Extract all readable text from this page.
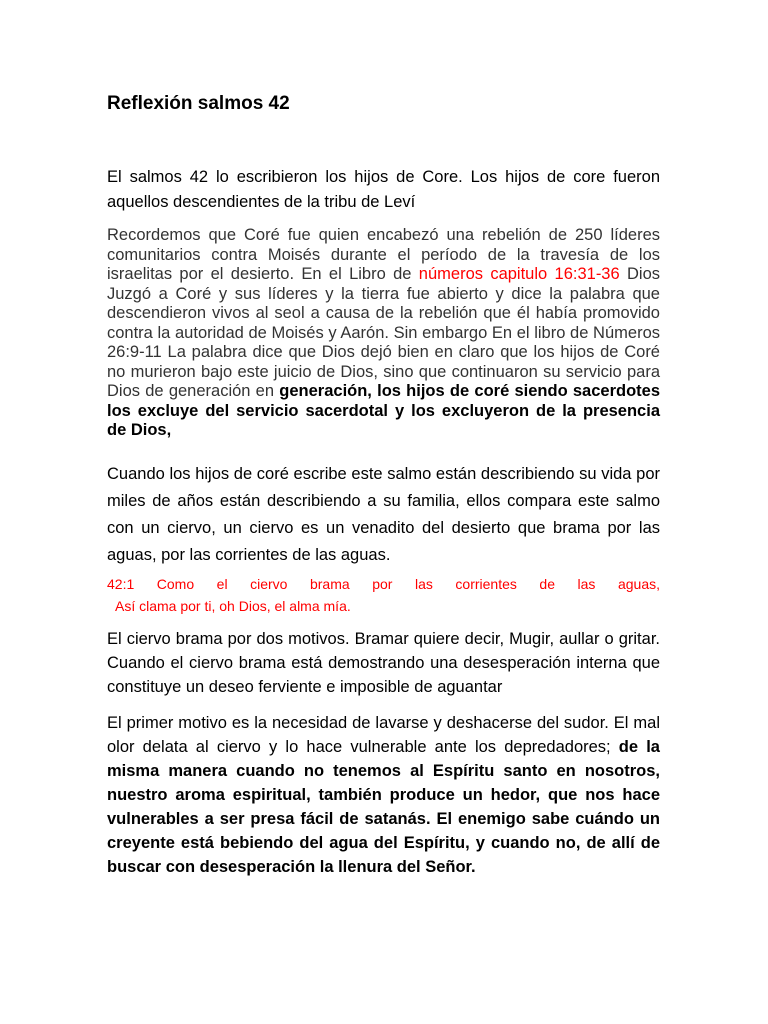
Reflexión salmos 42

El salmos 42 lo escribieron los hijos de Core. Los hijos de core fueron aquellos descendientes de la tribu de Leví

Recordemos que Coré fue quien encabezó una rebelión de 250 líderes comunitarios contra Moisés durante el período de la travesía de los israelitas por el desierto. En el Libro de números capitulo 16:31-36 Dios Juzgó a Coré y sus líderes y la tierra fue abierto y dice la palabra que descendieron vivos al seol a causa de la rebelión que él había promovido contra la autoridad de Moisés y Aarón. Sin embargo En el libro de Números 26:9-11 La palabra dice que Dios dejó bien en claro que los hijos de Coré no murieron bajo este juicio de Dios, sino que continuaron su servicio para Dios de generación en generación, los hijos de coré siendo sacerdotes los excluye del servicio sacerdotal y los excluyeron de la presencia de Dios,

Cuando los hijos de coré escribe este salmo están describiendo su vida por miles de años están describiendo a su familia, ellos compara este salmo con un ciervo, un ciervo es un venadito del desierto que brama por las aguas, por las corrientes de las aguas.

42:1 Como el ciervo brama por las corrientes de las aguas,
Así clama por ti, oh Dios, el alma mía.

El ciervo brama por dos motivos. Bramar quiere decir, Mugir, aullar o gritar. Cuando el ciervo brama está demostrando una desesperación interna que constituye un deseo ferviente e imposible de aguantar

El primer motivo es la necesidad de lavarse y deshacerse del sudor. El mal olor delata al ciervo y lo hace vulnerable ante los depredadores; de la misma manera cuando no tenemos al Espíritu santo en nosotros, nuestro aroma espiritual, también produce un hedor, que nos hace vulnerables a ser presa fácil de satanás. El enemigo sabe cuándo un creyente está bebiendo del agua del Espíritu, y cuando no, de allí de buscar con desesperación la llenura del Señor.
